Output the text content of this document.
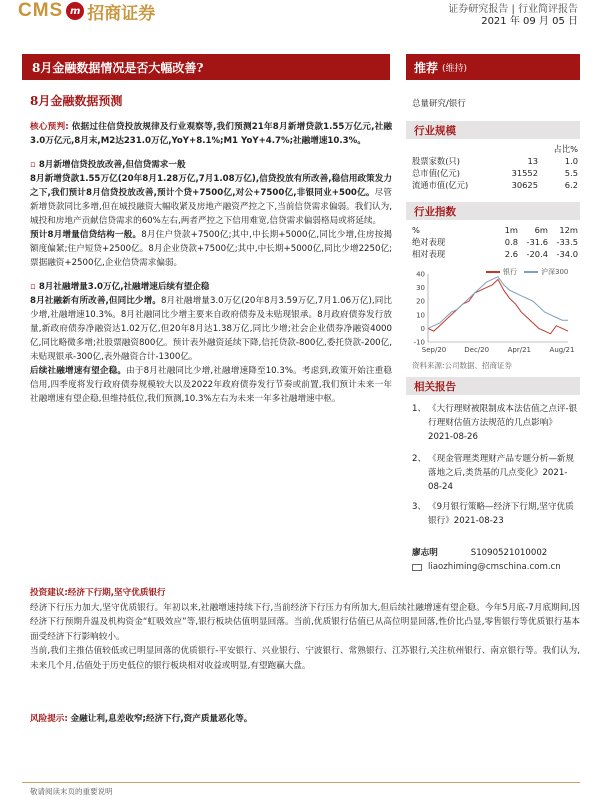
CMS m 招商证券	证券研究报告 | 行业简评报告
2021 年 09 月 05 日
8月金融数据情况是否大幅改善?	推荐 (维持)
8月金融数据预测

核心预判: 依据过往信贷投放规律及行业观察等,我们预测21年8月新增贷款1.55万亿元,社融3.0万亿元,8月末,M2达231.0万亿,YoY+8.1%;M1 YoY+4.7%;社融增速10.3%。

▫ 8月新增信贷投放改善,但信贷需求一般

8月新增贷款1.55万亿(20年8月1.28万亿,7月1.08万亿),信贷投放有所改善,稳信用政策发力之下,我们预计8月信贷投放改善,预计个贷+7500亿,对公+7500亿,非银同业+500亿。尽管新增贷款同比多增,但在城投融资大幅收紧及房地产融资严控之下,当前信贷需求偏弱。我们认为,城投和房地产贡献信贷需求的60%左右,两者严控之下信用难宽,信贷需求偏弱格局或将延续。

预计8月增量信贷结构一般。8月住户贷款+7500亿;其中,中长期+5000亿,同比少增,住房按揭额度偏紧;住户短贷+2500亿。8月企业贷款+7500亿;其中,中长期+5000亿,同比少增2250亿;票据融资+2500亿,企业信贷需求偏弱。

▫ 8月社融增量3.0万亿,社融增速后续有望企稳

8月社融新有所改善,但同比少增。8月社融增量3.0万亿(20年8月3.59万亿,7月1.06万亿),同比少增,社融增速10.3%。8月社融同比少增主要来自政府债券及未贴现银承。8月政府债券发行放量,新政府债券净融资达1.02万亿,但20年8月达1.38万亿,同比少增;社会企业债券净融资4000亿,同比略微多增;社股票融资800亿。预计表外融资延续下降,信托贷款-800亿,委托贷款-200亿,未贴现银承-300亿,表外融资合计-1300亿。

后续社融增速有望企稳。由于8月社融同比少增,社融增速降至10.3%。考虑到,政策开始注重稳信用,四季度将发行政府债券规模较大以及2022年政府债券发行节奏或前置,我们预计未来一年社融增速有望企稳,但维持低位,我们预测,10.3%左右为未来一年多社融增速中枢。

总量研究/银行
行业规模
占比%
股票家数(只)	13	1.0
总市值(亿元)	31552	5.5
流通市值(亿元)	30625	6.2
行业指数
%	1m	6m	12m
绝对表现	0.8	-31.6	-33.5
相对表现	2.6	-20.4	-34.0
银行	沪深300
-10
0
10
20
30
40
Sep/20	Dec/20	Apr/21	Aug/21
资料来源:公司数据、招商证券
相关报告
1、 《大行理财被限制成本法估值之点评-银行理财估值方法规范的几点影响》2021-08-26
2、 《现金管理类理财产品专题分析—新规落地之后,类货基的几点变化》2021-08-24
3、 《9月银行策略—经济下行期,坚守优质银行》2021-08-23
廖志明	S1090521010002
liaozhiming@cmschina.com.cn

投资建议:经济下行期,坚守优质银行

经济下行压力加大,坚守优质银行。年初以来,社融增速持续下行,当前经济下行压力有所加大,但后续社融增速有望企稳。今年5月底-7月底期间,因经济下行预期升温及机构资金“虹吸效应”等,银行板块估值明显回落。当前,优质银行估值已从高位明显回落,性价比凸显,零售银行等优质银行基本面受经济下行影响较小。

当前,我们主推估值较低或已明显回落的优质银行-平安银行、兴业银行、宁波银行、常熟银行、江苏银行,关注杭州银行、南京银行等。我们认为,未来几个月,估值处于历史低位的银行板块相对收益或明显,有望跑赢大盘。

风险提示: 金融让利,息差收窄;经济下行,资产质量恶化等。

敬请阅读末页的重要说明
